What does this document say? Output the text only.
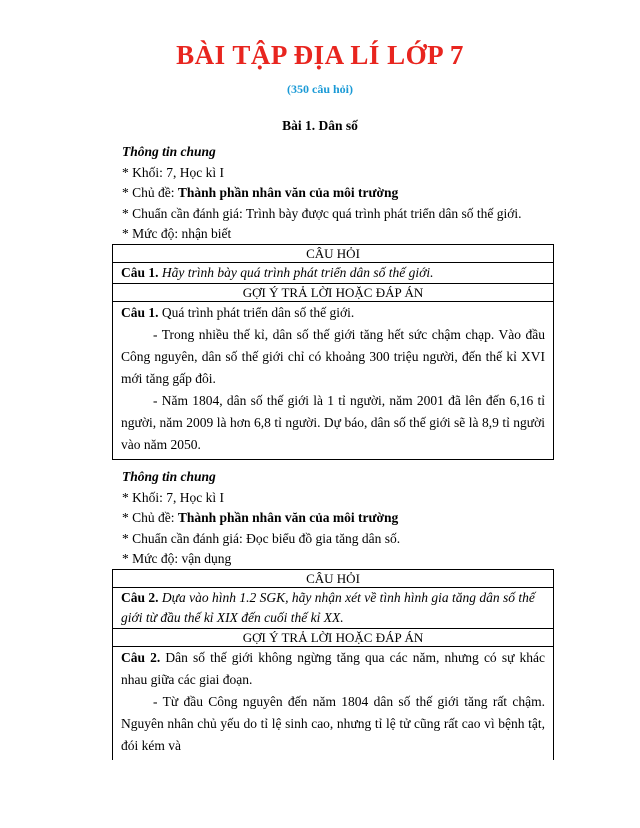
BÀI TẬP ĐỊA LÍ LỚP 7
(350 câu hỏi)
Bài 1. Dân số
Thông tin chung
* Khối: 7, Học kì I
* Chủ đề: Thành phần nhân văn của môi trường
* Chuẩn cần đánh giá: Trình bày được quá trình phát triển dân số thế giới.
* Mức độ: nhận biết
CÂU HỎI
Câu 1. Hãy trình bày quá trình phát triển dân số thế giới.
GỢI Ý TRẢ LỜI HOẶC ĐÁP ÁN
Câu 1. Quá trình phát triển dân số thế giới.
- Trong nhiều thế kỉ, dân số thế giới tăng hết sức chậm chạp. Vào đầu Công nguyên, dân số thế giới chỉ có khoảng 300 triệu người, đến thế kỉ XVI mới tăng gấp đôi.
- Năm 1804, dân số thế giới là 1 tỉ người, năm 2001 đã lên đến 6,16 tỉ người, năm 2009 là hơn 6,8 tỉ người. Dự báo, dân số thế giới sẽ là 8,9 tỉ người vào năm 2050.
Thông tin chung
* Khối: 7, Học kì I
* Chủ đề: Thành phần nhân văn của môi trường
* Chuẩn cần đánh giá: Đọc biểu đồ gia tăng dân số.
* Mức độ: vận dụng
CÂU HỎI
Câu 2. Dựa vào hình 1.2 SGK, hãy nhận xét về tình hình gia tăng dân số thế giới từ đầu thế kỉ XIX đến cuối thế kỉ XX.
GỢI Ý TRẢ LỜI HOẶC ĐÁP ÁN
Câu 2. Dân số thế giới không ngừng tăng qua các năm, nhưng có sự khác nhau giữa các giai đoạn.
- Từ đầu Công nguyên đến năm 1804 dân số thế giới tăng rất chậm. Nguyên nhân chủ yếu do tỉ lệ sinh cao, nhưng tỉ lệ tử cũng rất cao vì bệnh tật, đói kém và
